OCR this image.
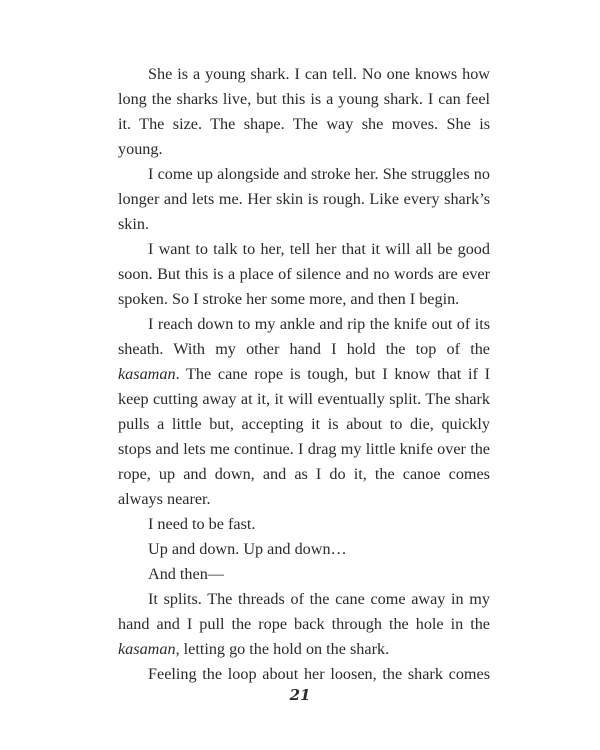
She is a young shark. I can tell. No one knows how long the sharks live, but this is a young shark. I can feel it. The size. The shape. The way she moves. She is young.

I come up alongside and stroke her. She struggles no longer and lets me. Her skin is rough. Like every shark’s skin.

I want to talk to her, tell her that it will all be good soon. But this is a place of silence and no words are ever spoken. So I stroke her some more, and then I begin.

I reach down to my ankle and rip the knife out of its sheath. With my other hand I hold the top of the kasaman. The cane rope is tough, but I know that if I keep cutting away at it, it will eventually split. The shark pulls a little but, accepting it is about to die, quickly stops and lets me continue. I drag my little knife over the rope, up and down, and as I do it, the canoe comes always nearer.

I need to be fast.

Up and down. Up and down…

And then—

It splits. The threads of the cane come away in my hand and I pull the rope back through the hole in the kasaman, letting go the hold on the shark.

Feeling the loop about her loosen, the shark comes

21
